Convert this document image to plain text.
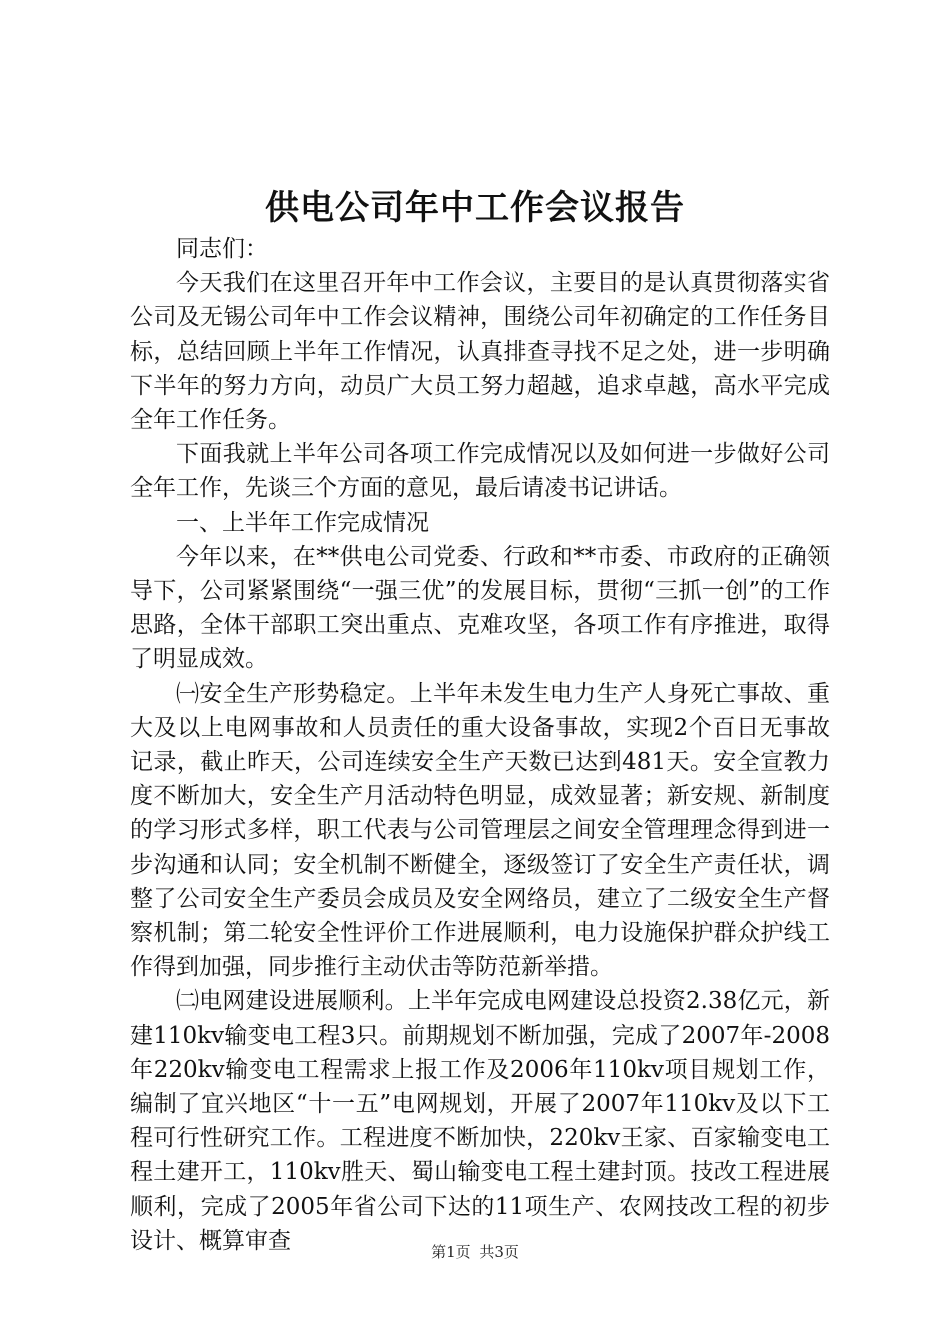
供电公司年中工作会议报告

同志们：

今天我们在这里召开年中工作会议，主要目的是认真贯彻落实省公司及无锡公司年中工作会议精神，围绕公司年初确定的工作任务目标，总结回顾上半年工作情况，认真排查寻找不足之处，进一步明确下半年的努力方向，动员广大员工努力超越，追求卓越，高水平完成全年工作任务。

下面我就上半年公司各项工作完成情况以及如何进一步做好公司全年工作，先谈三个方面的意见，最后请凌书记讲话。

一、上半年工作完成情况

今年以来，在**供电公司党委、行政和**市委、市政府的正确领导下，公司紧紧围绕“一强三优”的发展目标，贯彻“三抓一创”的工作思路，全体干部职工突出重点、克难攻坚，各项工作有序推进，取得了明显成效。

㈠安全生产形势稳定。上半年未发生电力生产人身死亡事故、重大及以上电网事故和人员责任的重大设备事故，实现2个百日无事故记录，截止昨天，公司连续安全生产天数已达到481天。安全宣教力度不断加大，安全生产月活动特色明显，成效显著；新安规、新制度的学习形式多样，职工代表与公司管理层之间安全管理理念得到进一步沟通和认同；安全机制不断健全，逐级签订了安全生产责任状，调整了公司安全生产委员会成员及安全网络员，建立了二级安全生产督察机制；第二轮安全性评价工作进展顺利，电力设施保护群众护线工作得到加强，同步推行主动伏击等防范新举措。

㈡电网建设进展顺利。上半年完成电网建设总投资2.38亿元，新建110kv输变电工程3只。前期规划不断加强，完成了2007年-2008年220kv输变电工程需求上报工作及2006年110kv项目规划工作，编制了宜兴地区“十一五”电网规划，开展了2007年110kv及以下工程可行性研究工作。工程进度不断加快，220kv王家、百家输变电工程土建开工，110kv胜天、蜀山输变电工程土建封顶。技改工程进展顺利，完成了2005年省公司下达的11项生产、农网技改工程的初步设计、概算审查	第1页 共3页
